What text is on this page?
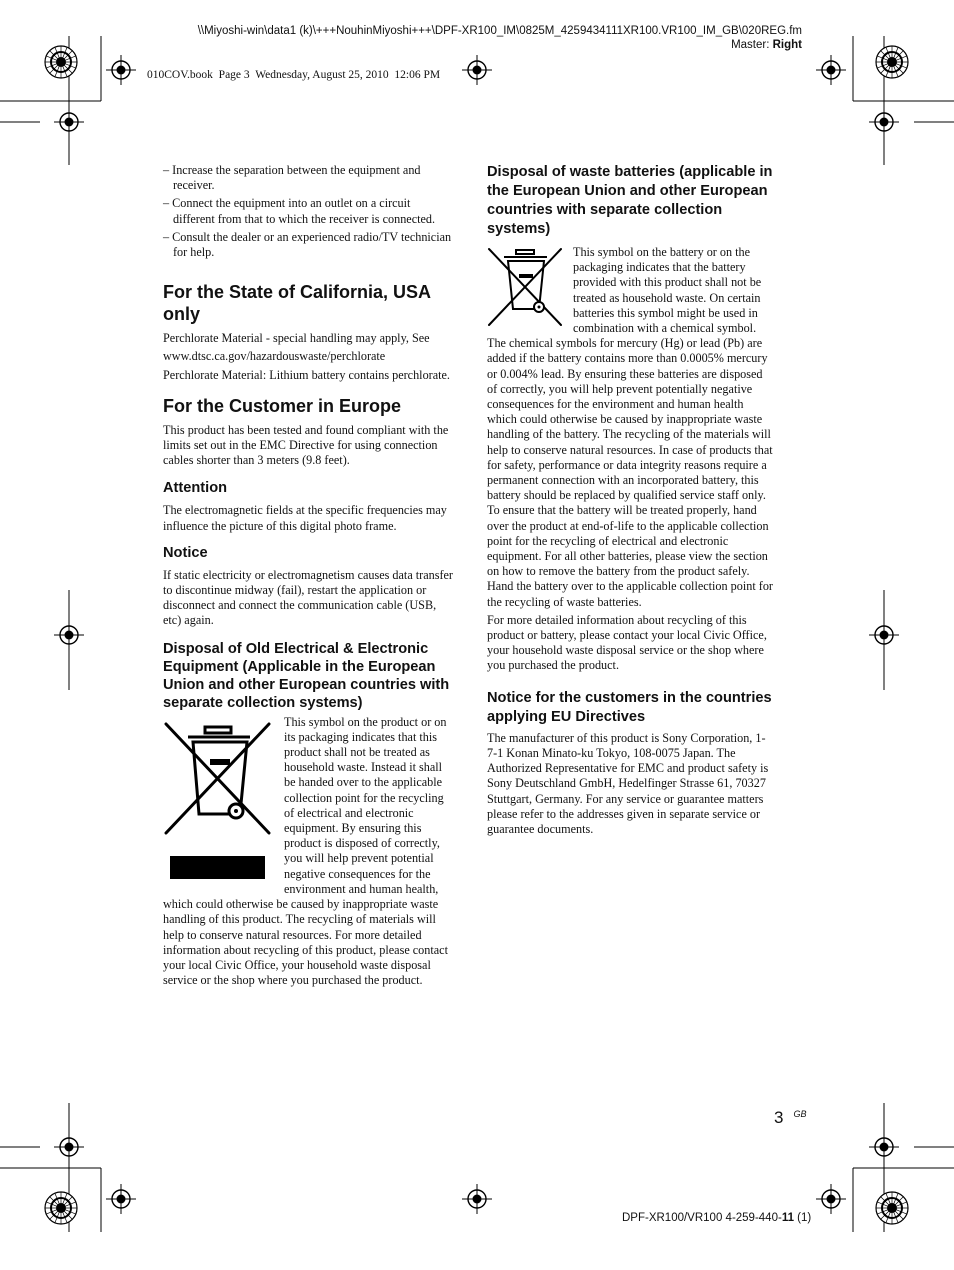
\\Miyoshi-win\data1 (k)\+++NouhinMiyoshi+++\DPF-XR100_IM\0825M_4259434111XR100.VR100_IM_GB\020REG.fm
Master: Right
010COV.book  Page 3  Wednesday, August 25, 2010  12:06 PM
– Increase the separation between the equipment and receiver.
– Connect the equipment into an outlet on a circuit different from that to which the receiver is connected.
– Consult the dealer or an experienced radio/TV technician for help.
For the State of California, USA only
Perchlorate Material - special handling may apply, See
www.dtsc.ca.gov/hazardouswaste/perchlorate
Perchlorate Material: Lithium battery contains perchlorate.
For the Customer in Europe
This product has been tested and found compliant with the limits set out in the EMC Directive for using connection cables shorter than 3 meters (9.8 feet).
Attention
The electromagnetic fields at the specific frequencies may influence the picture of this digital photo frame.
Notice
If static electricity or electromagnetism causes data transfer to discontinue midway (fail), restart the application or disconnect and connect the communication cable (USB, etc) again.
Disposal of Old Electrical & Electronic Equipment (Applicable in the European Union and other European countries with separate collection systems)
This symbol on the product or on its packaging indicates that this product shall not be treated as household waste. Instead it shall be handed over to the applicable collection point for the recycling of electrical and electronic equipment. By ensuring this product is disposed of correctly, you will help prevent potential negative consequences for the environment and human health, which could otherwise be caused by inappropriate waste handling of this product. The recycling of materials will help to conserve natural resources. For more detailed information about recycling of this product, please contact your local Civic Office, your household waste disposal service or the shop where you purchased the product.
Disposal of waste batteries (applicable in the European Union and other European countries with separate collection systems)
This symbol on the battery or on the packaging indicates that the battery provided with this product shall not be treated as household waste. On certain batteries this symbol might be used in combination with a chemical symbol. The chemical symbols for mercury (Hg) or lead (Pb) are added if the battery contains more than 0.0005% mercury or 0.004% lead. By ensuring these batteries are disposed of correctly, you will help prevent potentially negative consequences for the environment and human health which could otherwise be caused by inappropriate waste handling of the battery. The recycling of the materials will help to conserve natural resources. In case of products that for safety, performance or data integrity reasons require a permanent connection with an incorporated battery, this battery should be replaced by qualified service staff only. To ensure that the battery will be treated properly, hand over the product at end-of-life to the applicable collection point for the recycling of electrical and electronic equipment. For all other batteries, please view the section on how to remove the battery from the product safely. Hand the battery over to the applicable collection point for the recycling of waste batteries.
For more detailed information about recycling of this product or battery, please contact your local Civic Office, your household waste disposal service or the shop where you purchased the product.
Notice for the customers in the countries applying EU Directives
The manufacturer of this product is Sony Corporation, 1-7-1 Konan Minato-ku Tokyo, 108-0075 Japan. The Authorized Representative for EMC and product safety is Sony Deutschland GmbH, Hedelfinger Strasse 61, 70327 Stuttgart, Germany. For any service or guarantee matters please refer to the addresses given in separate service or guarantee documents.
3 $^{GB}$
DPF-XR100/VR100 4-259-440-11 (1)
